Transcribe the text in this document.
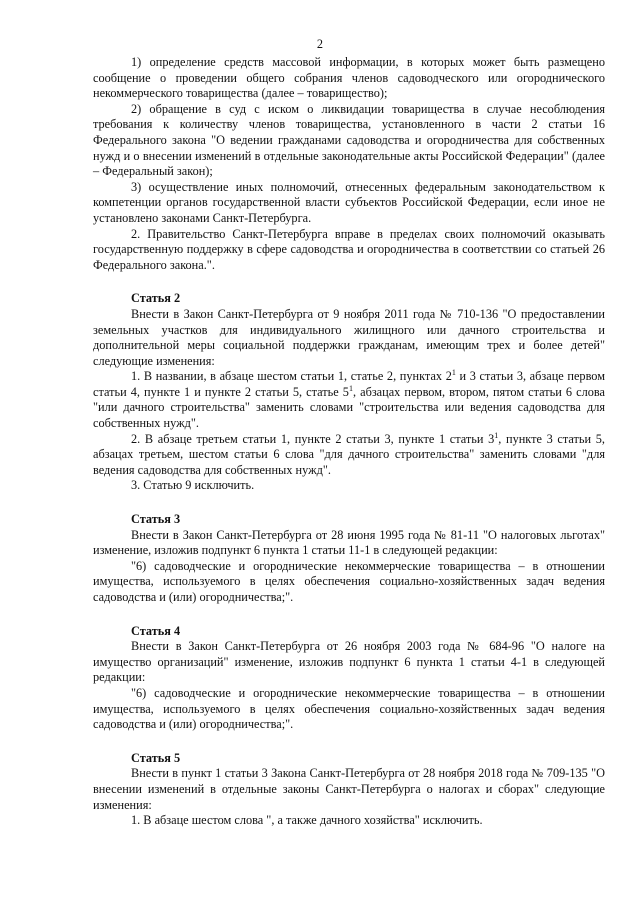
2

1) определение средств массовой информации, в которых может быть размещено сообщение о проведении общего собрания членов садоводческого или огороднического некоммерческого товарищества (далее – товарищество);

2) обращение в суд с иском о ликвидации товарищества в случае несоблюдения требования к количеству членов товарищества, установленного в части 2 статьи 16 Федерального закона "О ведении гражданами садоводства и огородничества для собственных нужд и о внесении изменений в отдельные законодательные акты Российской Федерации" (далее – Федеральный закон);

3) осуществление иных полномочий, отнесенных федеральным законодательством к компетенции органов государственной власти субъектов Российской Федерации, если иное не установлено законами Санкт-Петербурга.

2. Правительство Санкт-Петербурга вправе в пределах своих полномочий оказывать государственную поддержку в сфере садоводства и огородничества в соответствии со статьей 26 Федерального закона.".

Статья 2

Внести в Закон Санкт-Петербурга от 9 ноября 2011 года № 710-136 "О предоставлении земельных участков для индивидуального жилищного или дачного строительства и дополнительной меры социальной поддержки гражданам, имеющим трех и более детей" следующие изменения:

1. В названии, в абзаце шестом статьи 1, статье 2, пунктах $2^1$ и 3 статьи 3, абзаце первом статьи 4, пункте 1 и пункте 2 статьи 5, статье $5^1$, абзацах первом, втором, пятом статьи 6 слова "или дачного строительства" заменить словами "строительства или ведения садоводства для собственных нужд".

2. В абзаце третьем статьи 1, пункте 2 статьи 3, пункте 1 статьи $3^1$, пункте 3 статьи 5, абзацах третьем, шестом статьи 6 слова "для дачного строительства" заменить словами "для ведения садоводства для собственных нужд".

3. Статью 9 исключить.

Статья 3

Внести в Закон Санкт-Петербурга от 28 июня 1995 года № 81-11 "О налоговых льготах" изменение, изложив подпункт 6 пункта 1 статьи 11-1 в следующей редакции:

"6) садоводческие и огороднические некоммерческие товарищества – в отношении имущества, используемого в целях обеспечения социально-хозяйственных задач ведения садоводства и (или) огородничества;".

Статья 4

Внести в Закон Санкт-Петербурга от 26 ноября 2003 года № 684-96 "О налоге на имущество организаций" изменение, изложив подпункт 6 пункта 1 статьи 4-1 в следующей редакции:

"6) садоводческие и огороднические некоммерческие товарищества – в отношении имущества, используемого в целях обеспечения социально-хозяйственных задач ведения садоводства и (или) огородничества;".

Статья 5

Внести в пункт 1 статьи 3 Закона Санкт-Петербурга от 28 ноября 2018 года № 709-135 "О внесении изменений в отдельные законы Санкт-Петербурга о налогах и сборах" следующие изменения:

1. В абзаце шестом слова ", а также дачного хозяйства" исключить.
